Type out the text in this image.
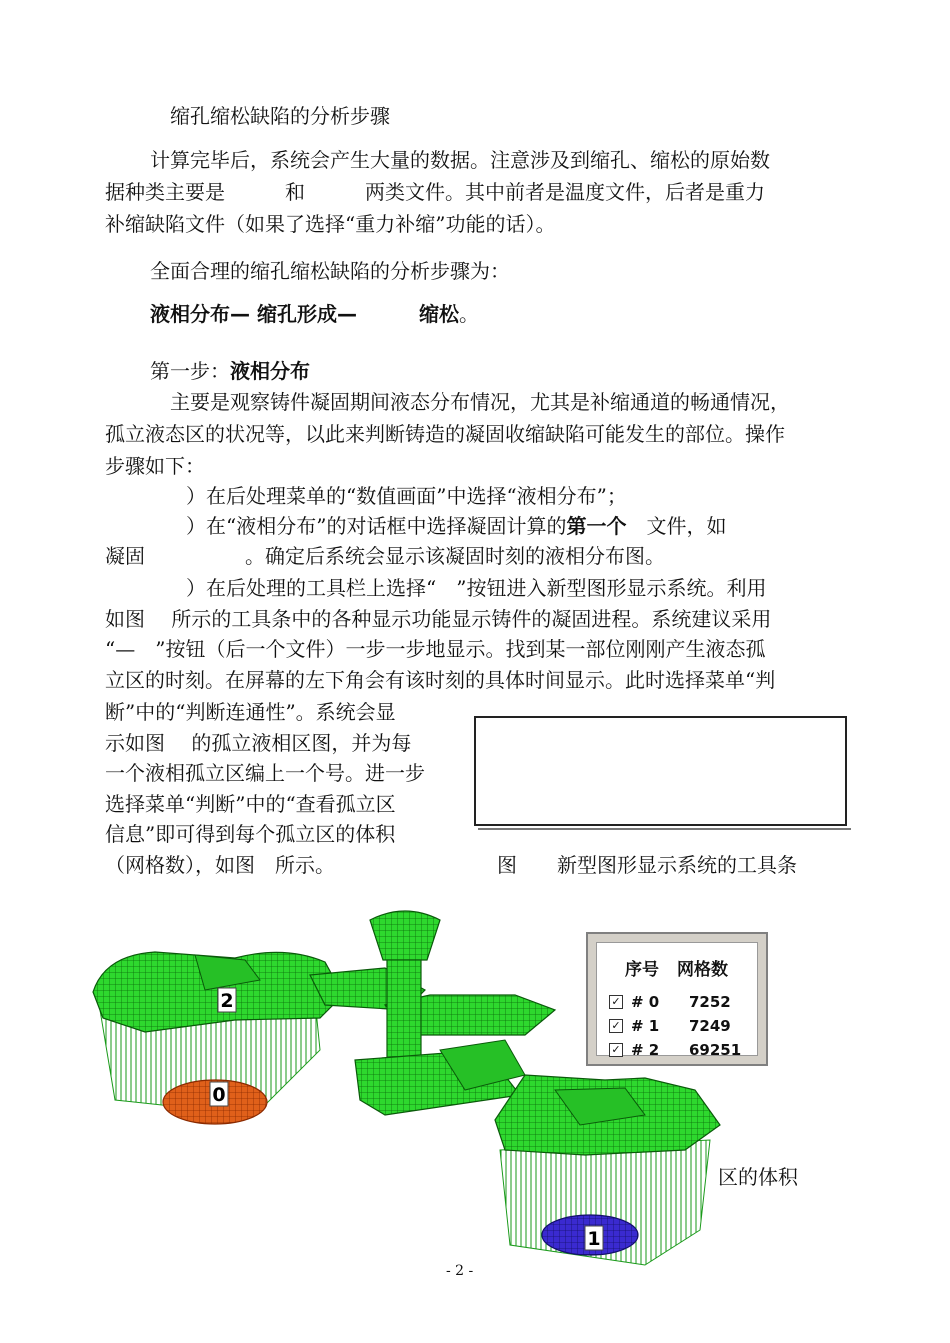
缩孔缩松缺陷的分析步骤
计算完毕后，系统会产生大量的数据。注意涉及到缩孔、缩松的原始数
据种类主要是　　　和　　　两类文件。其中前者是温度文件，后者是重力
补缩缺陷文件（如果了选择“重力补缩”功能的话）。
全面合理的缩孔缩松缺陷的分析步骤为：
液相分布— 缩孔形成—	缩松。
第一步：液相分布
　主要是观察铸件凝固期间液态分布情况，尤其是补缩通道的畅通情况，
孤立液态区的状况等，以此来判断铸造的凝固收缩缺陷可能发生的部位。操作
步骤如下：
）在后处理菜单的“数值画面”中选择“液相分布”；
）在“液相分布”的对话框中选择凝固计算的第一个　文件，如
凝固　　　　　。确定后系统会显示该凝固时刻的液相分布图。
）在后处理的工具栏上选择“　”按钮进入新型图形显示系统。利用
如图　 所示的工具条中的各种显示功能显示铸件的凝固进程。系统建议采用
“—　”按钮（后一个文件）一步一步地显示。找到某一部位刚刚产生液态孤
立区的时刻。在屏幕的左下角会有该时刻的具体时间显示。此时选择菜单“判
断”中的“判断连通性”。系统会显
示如图　 的孤立液相区图，并为每
一个液相孤立区编上一个号。进一步
选择菜单“判断”中的“查看孤立区
信息”即可得到每个孤立区的体积
（网格数），如图　所示。	图　　新型图形显示系统的工具条
2
0
1
区的体积
序号 网格数
✓ # 0 7252
✓ # 1 7249
✓ # 2 69251
- 2 -
